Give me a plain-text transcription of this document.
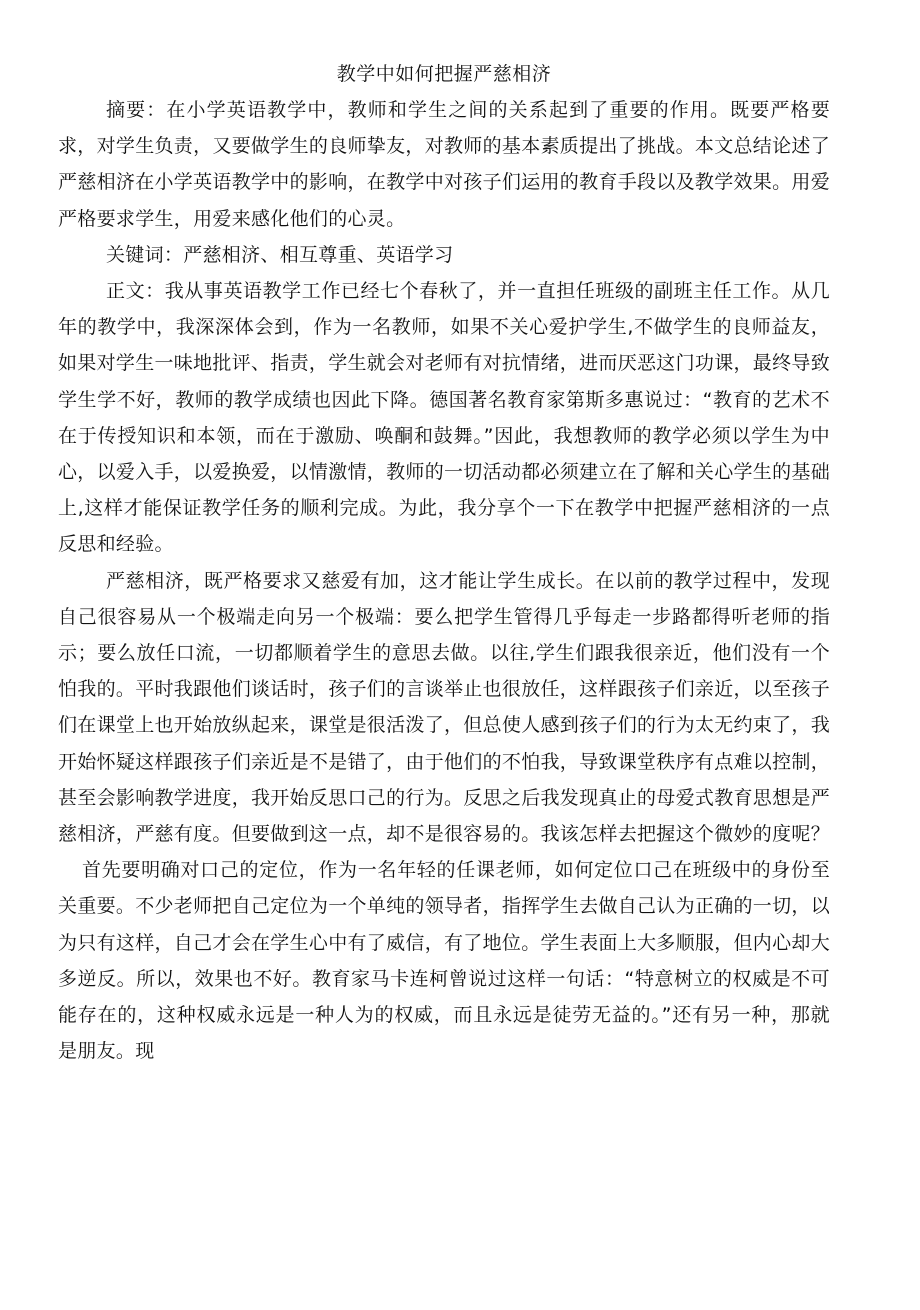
教学中如何把握严慈相济

摘要：在小学英语教学中，教师和学生之间的关系起到了重要的作用。既要严格要求，对学生负责，又要做学生的良师挚友，对教师的基本素质提出了挑战。本文总结论述了严慈相济在小学英语教学中的影响，在教学中对孩子们运用的教育手段以及教学效果。用爱严格要求学生，用爱来感化他们的心灵。

关键词：严慈相济、相互尊重、英语学习

正文：我从事英语教学工作已经七个春秋了，并一直担任班级的副班主任工作。从几年的教学中，我深深体会到，作为一名教师，如果不关心爱护学生,不做学生的良师益友，如果对学生一味地批评、指责，学生就会对老师有对抗情绪，进而厌恶这门功课，最终导致学生学不好，教师的教学成绩也因此下降。德国著名教育家第斯多惠说过：“教育的艺术不在于传授知识和本领，而在于激励、唤酮和鼓舞。”因此，我想教师的教学必须以学生为中心，以爱入手，以爱换爱，以情激情，教师的一切活动都必须建立在了解和关心学生的基础上,这样才能保证教学任务的顺利完成。为此，我分享个一下在教学中把握严慈相济的一点反思和经验。

严慈相济，既严格要求又慈爱有加，这才能让学生成长。在以前的教学过程中，发现自己很容易从一个极端走向另一个极端：要么把学生管得几乎每走一步路都得听老师的指示；要么放任口流，一切都顺着学生的意思去做。以往,学生们跟我很亲近，他们没有一个怕我的。平时我跟他们谈话时，孩子们的言谈举止也很放任，这样跟孩子们亲近，以至孩子们在课堂上也开始放纵起来，课堂是很活泼了，但总使人感到孩子们的行为太无约束了，我开始怀疑这样跟孩子们亲近是不是错了，由于他们的不怕我，导致课堂秩序有点难以控制，甚至会影响教学进度，我开始反思口己的行为。反思之后我发现真止的母爱式教育思想是严慈相济，严慈有度。但要做到这一点，却不是很容易的。我该怎样去把握这个微妙的度呢？

首先要明确对口己的定位，作为一名年轻的任课老师，如何定位口己在班级中的身份至关重要。不少老师把自己定位为一个单纯的领导者，指挥学生去做自己认为正确的一切，以为只有这样，自己才会在学生心中有了威信，有了地位。学生表面上大多顺服，但内心却大多逆反。所以，效果也不好。教育家马卡连柯曾说过这样一句话：“特意树立的权威是不可能存在的，这种权威永远是一种人为的权威，而且永远是徒劳无益的。”还有另一种，那就是朋友。现
